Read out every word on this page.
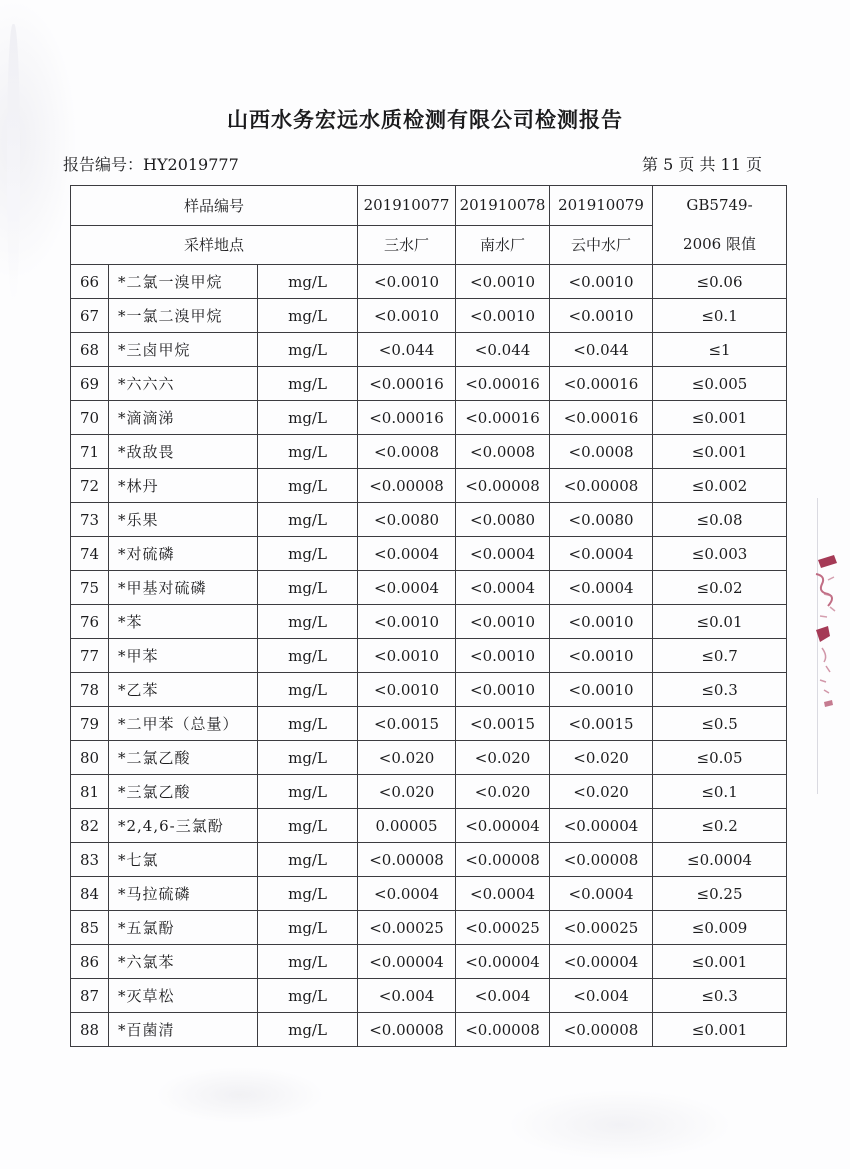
山西水务宏远水质检测有限公司检测报告
报告编号：HY2019777	第 5 页 共 11 页
样品编号			201910077	201910078	201910079	GB5749-
2006 限值

采样地点			三水厂	南水厂	云中水厂	
66	*二氯一溴甲烷	mg/L	<0.0010	<0.0010	<0.0010	≤0.06
67	*一氯二溴甲烷	mg/L	<0.0010	<0.0010	<0.0010	≤0.1
68	*三卤甲烷	mg/L	<0.044	<0.044	<0.044	≤1
69	*六六六	mg/L	<0.00016	<0.00016	<0.00016	≤0.005
70	*滴滴涕	mg/L	<0.00016	<0.00016	<0.00016	≤0.001
71	*敌敌畏	mg/L	<0.0008	<0.0008	<0.0008	≤0.001
72	*林丹	mg/L	<0.00008	<0.00008	<0.00008	≤0.002
73	*乐果	mg/L	<0.0080	<0.0080	<0.0080	≤0.08
74	*对硫磷	mg/L	<0.0004	<0.0004	<0.0004	≤0.003
75	*甲基对硫磷	mg/L	<0.0004	<0.0004	<0.0004	≤0.02
76	*苯	mg/L	<0.0010	<0.0010	<0.0010	≤0.01
77	*甲苯	mg/L	<0.0010	<0.0010	<0.0010	≤0.7
78	*乙苯	mg/L	<0.0010	<0.0010	<0.0010	≤0.3
79	*二甲苯（总量）	mg/L	<0.0015	<0.0015	<0.0015	≤0.5
80	*二氯乙酸	mg/L	<0.020	<0.020	<0.020	≤0.05
81	*三氯乙酸	mg/L	<0.020	<0.020	<0.020	≤0.1
82	*2,4,6-三氯酚	mg/L	0.00005	<0.00004	<0.00004	≤0.2
83	*七氯	mg/L	<0.00008	<0.00008	<0.00008	≤0.0004
84	*马拉硫磷	mg/L	<0.0004	<0.0004	<0.0004	≤0.25
85	*五氯酚	mg/L	<0.00025	<0.00025	<0.00025	≤0.009
86	*六氯苯	mg/L	<0.00004	<0.00004	<0.00004	≤0.001
87	*灭草松	mg/L	<0.004	<0.004	<0.004	≤0.3
88	*百菌清	mg/L	<0.00008	<0.00008	<0.00008	≤0.001
